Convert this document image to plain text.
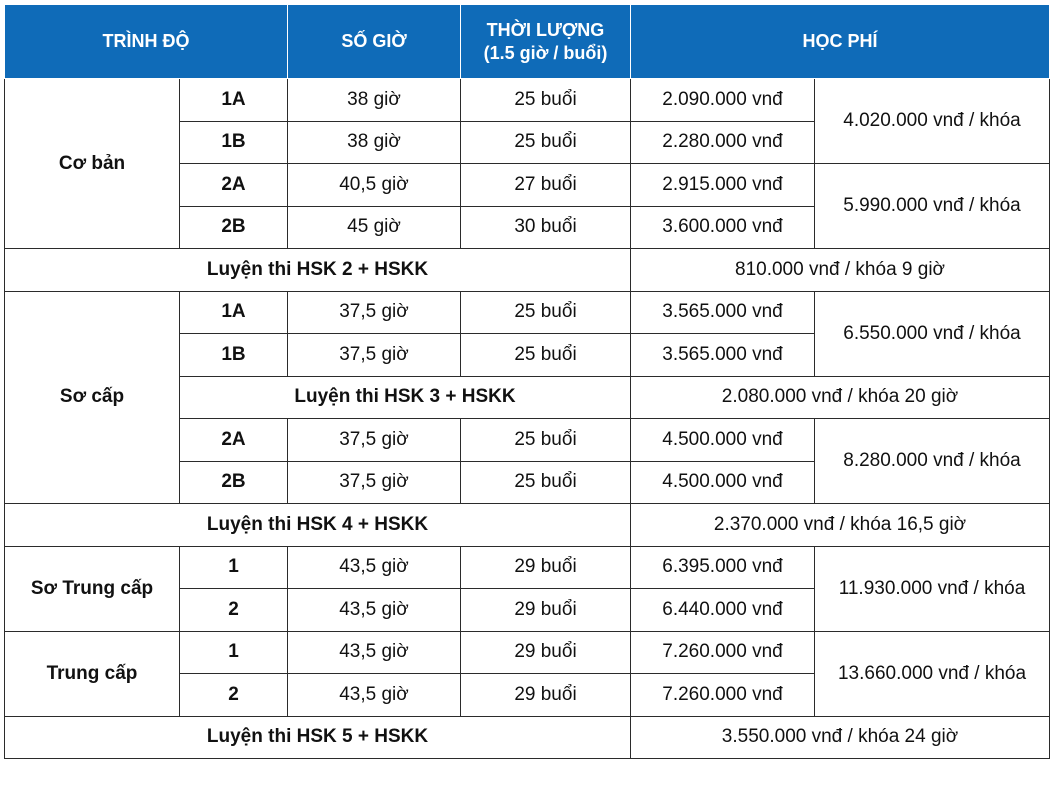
TRÌNH ĐỘ		SỐ GIỜ	THỜI LƯỢNG
(1.5 giờ / buổi)	HỌC PHÍ	
Cơ bản	1A	38 giờ	25 buổi	2.090.000 vnđ	4.020.000 vnđ / khóa
	1B	38 giờ	25 buổi	2.280.000 vnđ	
	2A	40,5 giờ	27 buổi	2.915.000 vnđ	5.990.000 vnđ / khóa
	2B	45 giờ	30 buổi	3.600.000 vnđ	
Luyện thi HSK 2 + HSKK				810.000 vnđ / khóa 9 giờ	
Sơ cấp	1A	37,5 giờ	25 buổi	3.565.000 vnđ	6.550.000 vnđ / khóa
	1B	37,5 giờ	25 buổi	3.565.000 vnđ	
	Luyện thi HSK 3 + HSKK			2.080.000 vnđ / khóa 20 giờ	
	2A	37,5 giờ	25 buổi	4.500.000 vnđ	8.280.000 vnđ / khóa
	2B	37,5 giờ	25 buổi	4.500.000 vnđ	
Luyện thi HSK 4 + HSKK				2.370.000 vnđ / khóa 16,5 giờ	
Sơ Trung cấp	1	43,5 giờ	29 buổi	6.395.000 vnđ	11.930.000 vnđ / khóa
	2	43,5 giờ	29 buổi	6.440.000 vnđ	
Trung cấp	1	43,5 giờ	29 buổi	7.260.000 vnđ	13.660.000 vnđ / khóa
	2	43,5 giờ	29 buổi	7.260.000 vnđ	
Luyện thi HSK 5 + HSKK				3.550.000 vnđ / khóa 24 giờ	
